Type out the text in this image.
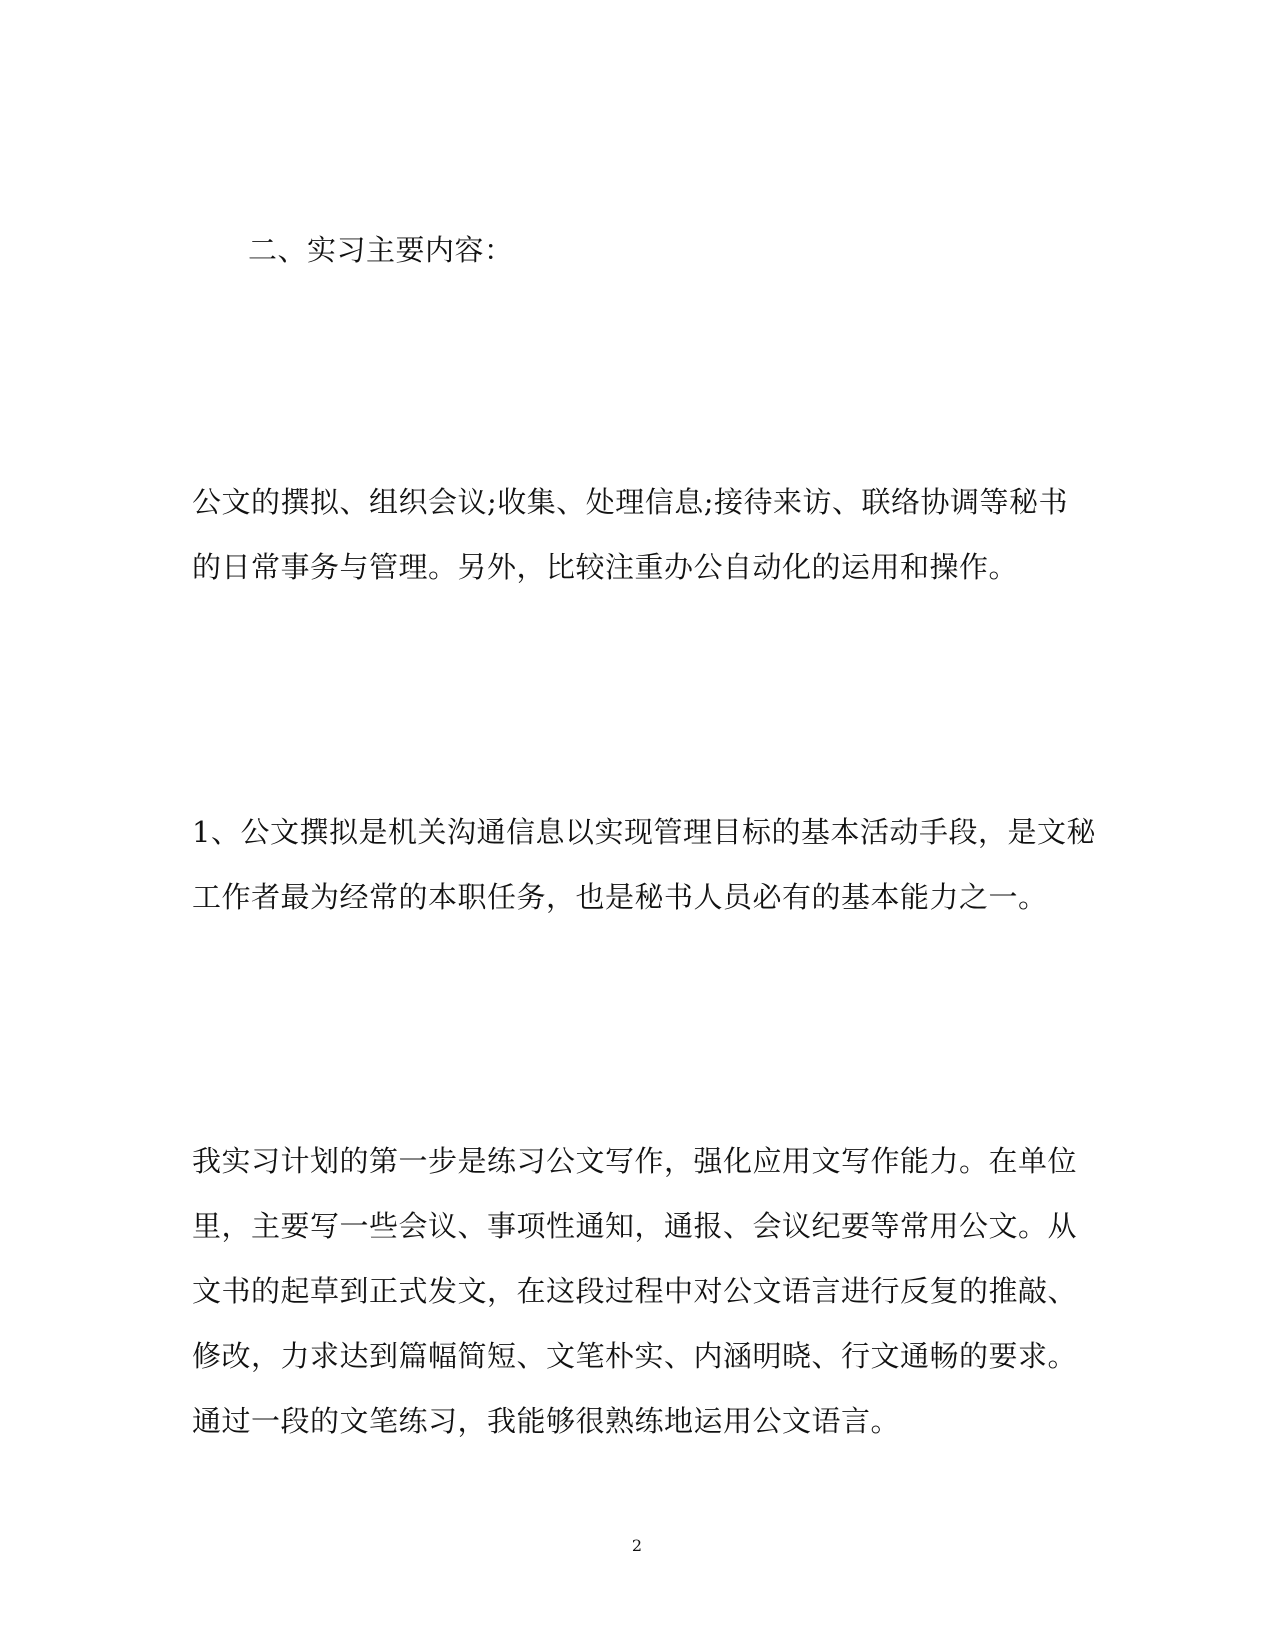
二、实习主要内容：
公文的撰拟、组织会议;收集、处理信息;接待来访、联络协调等秘书
的日常事务与管理。另外，比较注重办公自动化的运用和操作。
1、公文撰拟是机关沟通信息以实现管理目标的基本活动手段，是文秘
工作者最为经常的本职任务，也是秘书人员必有的基本能力之一。
我实习计划的第一步是练习公文写作，强化应用文写作能力。在单位
里，主要写一些会议、事项性通知，通报、会议纪要等常用公文。从
文书的起草到正式发文，在这段过程中对公文语言进行反复的推敲、
修改，力求达到篇幅简短、文笔朴实、内涵明晓、行文通畅的要求。
通过一段的文笔练习，我能够很熟练地运用公文语言。
2
